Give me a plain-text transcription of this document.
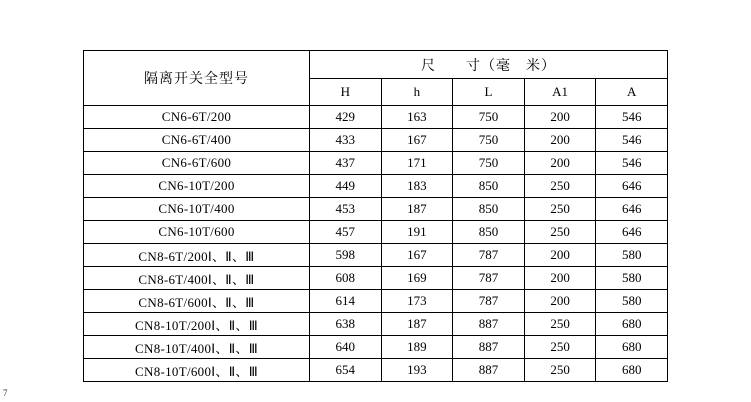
隔离开关全型号	尺　　寸（毫　米）				
	H	h	L	A1	A
CN6-6T/200	429	163	750	200	546
CN6-6T/400	433	167	750	200	546
CN6-6T/600	437	171	750	200	546
CN6-10T/200	449	183	850	250	646
CN6-10T/400	453	187	850	250	646
CN6-10T/600	457	191	850	250	646
CN8-6T/200Ⅰ、Ⅱ、Ⅲ	598	167	787	200	580
CN8-6T/400Ⅰ、Ⅱ、Ⅲ	608	169	787	200	580
CN8-6T/600Ⅰ、Ⅱ、Ⅲ	614	173	787	200	580
CN8-10T/200Ⅰ、Ⅱ、Ⅲ	638	187	887	250	680
CN8-10T/400Ⅰ、Ⅱ、Ⅲ	640	189	887	250	680
CN8-10T/600Ⅰ、Ⅱ、Ⅲ	654	193	887	250	680
7
